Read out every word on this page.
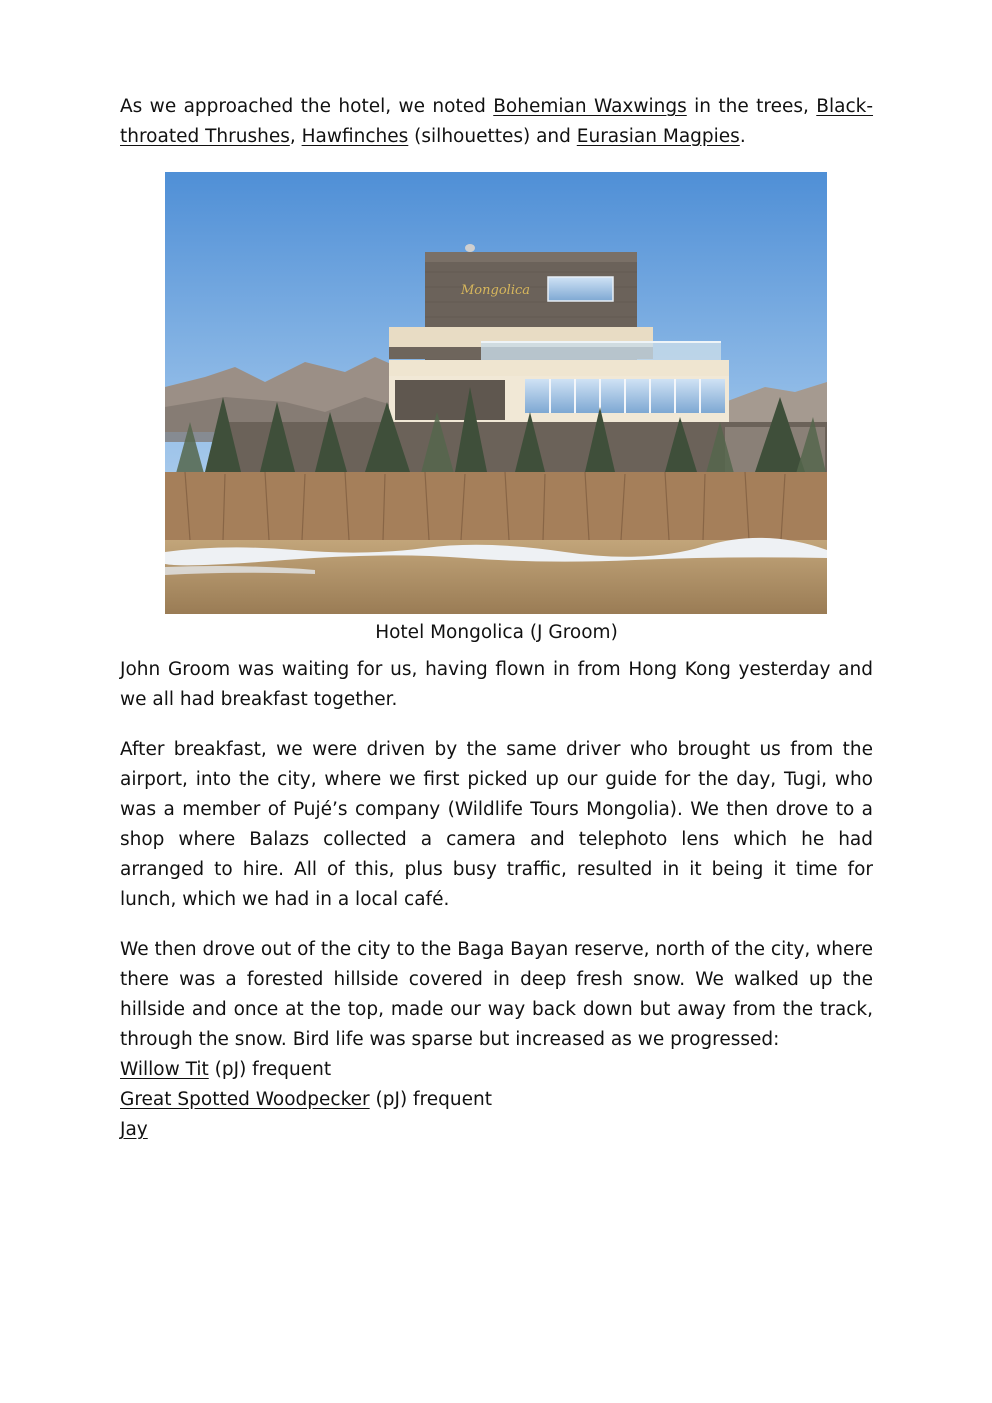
As we approached the hotel, we noted Bohemian Waxwings in the trees, Black-throated Thrushes, Hawfinches (silhouettes) and Eurasian Magpies.

Mongolica

Hotel Mongolica (J Groom)

John Groom was waiting for us, having flown in from Hong Kong yesterday and we all had breakfast together.

After breakfast, we were driven by the same driver who brought us from the airport, into the city, where we first picked up our guide for the day, Tugi, who was a member of Pujé’s company (Wildlife Tours Mongolia). We then drove to a shop where Balazs collected a camera and telephoto lens which he had arranged to hire. All of this, plus busy traffic, resulted in it being it time for lunch, which we had in a local café.

We then drove out of the city to the Baga Bayan reserve, north of the city, where there was a forested hillside covered in deep fresh snow. We walked up the hillside and once at the top, made our way back down but away from the track, through the snow. Bird life was sparse but increased as we progressed:

Willow Tit (pJ) frequent

Great Spotted Woodpecker (pJ) frequent

Jay
